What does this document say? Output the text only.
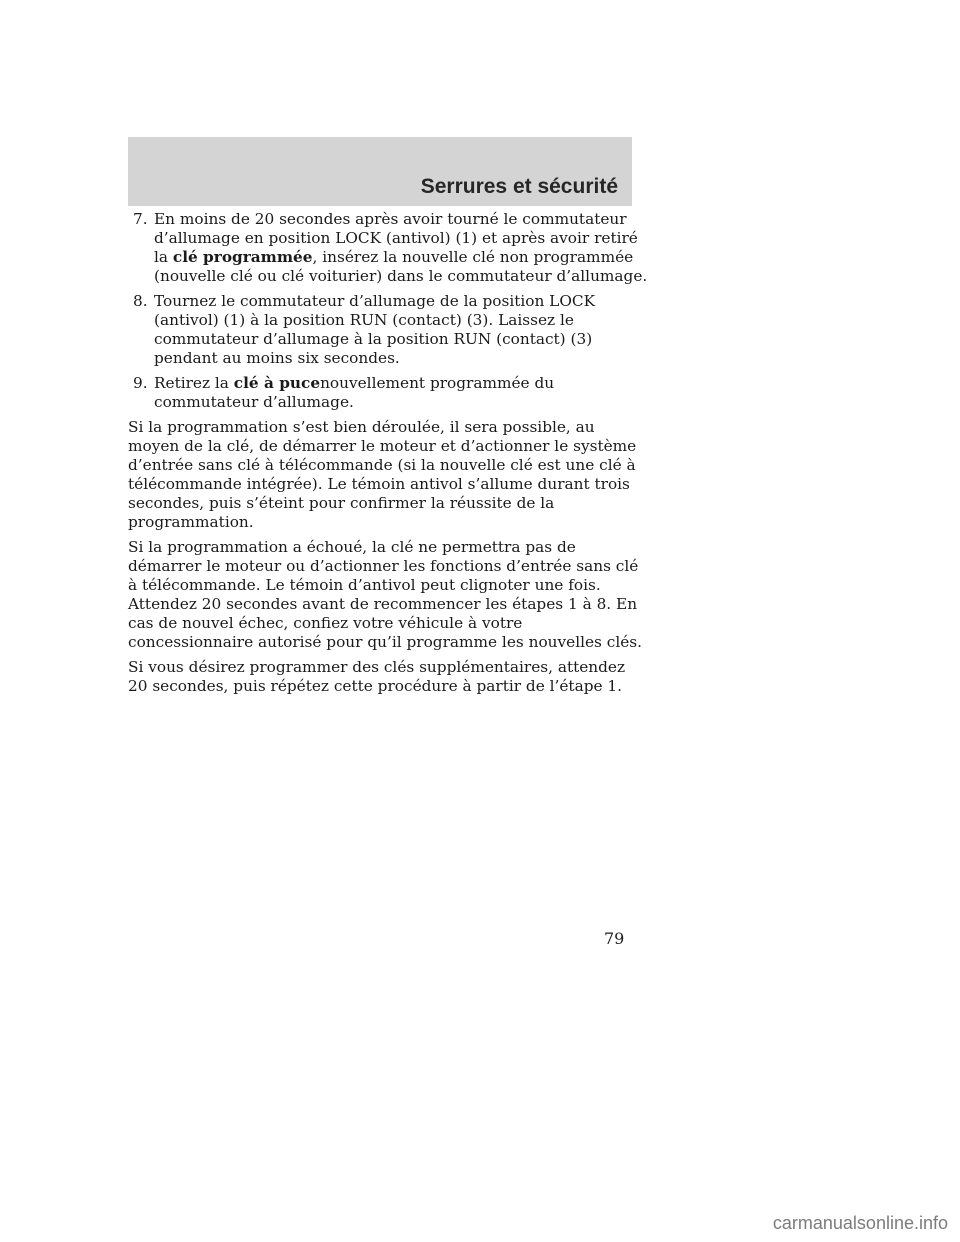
Serrures et sécurité
7. En moins de 20 secondes après avoir tourné le commutateur d’allumage en position LOCK (antivol) (1) et après avoir retiré la clé programmée, insérez la nouvelle clé non programmée (nouvelle clé ou clé voiturier) dans le commutateur d’allumage.
8. Tournez le commutateur d’allumage de la position LOCK (antivol) (1) à la position RUN (contact) (3). Laissez le commutateur d’allumage à la position RUN (contact) (3) pendant au moins six secondes.
9. Retirez la clé à pucenouvellement programmée du commutateur d’allumage.

Si la programmation s’est bien déroulée, il sera possible, au moyen de la clé, de démarrer le moteur et d’actionner le système d’entrée sans clé à télécommande (si la nouvelle clé est une clé à télécommande intégrée). Le témoin antivol s’allume durant trois secondes, puis s’éteint pour confirmer la réussite de la programmation.

Si la programmation a échoué, la clé ne permettra pas de démarrer le moteur ou d’actionner les fonctions d’entrée sans clé à télécommande. Le témoin d’antivol peut clignoter une fois. Attendez 20 secondes avant de recommencer les étapes 1 à 8. En cas de nouvel échec, confiez votre véhicule à votre concessionnaire autorisé pour qu’il programme les nouvelles clés.

Si vous désirez programmer des clés supplémentaires, attendez 20 secondes, puis répétez cette procédure à partir de l’étape 1.

79
carmanualsonline.info
